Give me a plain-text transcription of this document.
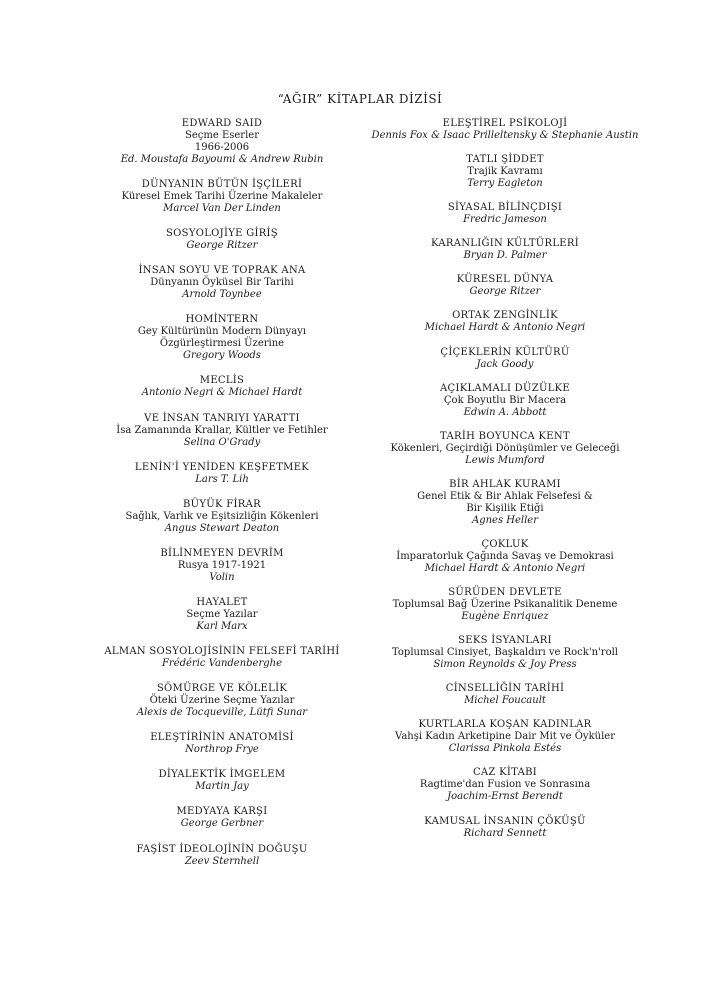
“AĞIR” KİTAPLAR DİZİSİ
EDWARD SAID
Seçme Eserler
1966-2006
Ed. Moustafa Bayoumi & Andrew Rubin
DÜNYANIN BÜTÜN İŞÇİLERİ
Küresel Emek Tarihi Üzerine Makaleler
Marcel Van Der Linden
SOSYOLOJİYE GİRİŞ
George Ritzer
İNSAN SOYU VE TOPRAK ANA
Dünyanın Öyküsel Bir Tarihi
Arnold Toynbee
HOMİNTERN
Gey Kültürünün Modern Dünyayı
Özgürleştirmesi Üzerine
Gregory Woods
MECLİS
Antonio Negri & Michael Hardt
VE İNSAN TANRIYI YARATTI
İsa Zamanında Krallar, Kültler ve Fetihler
Selina O'Grady
LENİN'İ YENİDEN KEŞFETMEK
Lars T. Lih
BÜYÜK FİRAR
Sağlık, Varlık ve Eşitsizliğin Kökenleri
Angus Stewart Deaton
BİLİNMEYEN DEVRİM
Rusya 1917-1921
Volin
HAYALET
Seçme Yazılar
Karl Marx
ALMAN SOSYOLOJİSİNİN FELSEFİ TARİHİ
Frédéric Vandenberghe
SÖMÜRGE VE KÖLELİK
Öteki Üzerine Seçme Yazılar
Alexis de Tocqueville, Lütfi Sunar
ELEŞTİRİNİN ANATOMİSİ
Northrop Frye
DİYALEKTİK İMGELEM
Martin Jay
MEDYAYA KARŞI
George Gerbner
FAŞİST İDEOLOJİNİN DOĞUŞU
Zeev Sternhell
ELEŞTİREL PSİKOLOJİ
Dennis Fox & Isaac Prilleltensky & Stephanie Austin
TATLI ŞİDDET
Trajik Kavramı
Terry Eagleton
SİYASAL BİLİNÇDIŞI
Fredric Jameson
KARANLIĞIN KÜLTÜRLERİ
Bryan D. Palmer
KÜRESEL DÜNYA
George Ritzer
ORTAK ZENGİNLİK
Michael Hardt & Antonio Negri
ÇİÇEKLERİN KÜLTÜRÜ
Jack Goody
AÇIKLAMALI DÜZÜLKE
Çok Boyutlu Bir Macera
Edwin A. Abbott
TARİH BOYUNCA KENT
Kökenleri, Geçirdiği Dönüşümler ve Geleceği
Lewis Mumford
BİR AHLAK KURAMI
Genel Etik & Bir Ahlak Felsefesi &
Bir Kişilik Etiği
Agnes Heller
ÇOKLUK
İmparatorluk Çağında Savaş ve Demokrasi
Michael Hardt & Antonio Negri
SÜRÜDEN DEVLETE
Toplumsal Bağ Üzerine Psikanalitik Deneme
Eugène Enriquez
SEKS İSYANLARI
Toplumsal Cinsiyet, Başkaldırı ve Rock'n'roll
Simon Reynolds & Joy Press
CİNSELLİĞİN TARİHİ
Michel Foucault
KURTLARLA KOŞAN KADINLAR
Vahşi Kadın Arketipine Dair Mit ve Öyküler
Clarissa Pinkola Estés
CAZ KİTABI
Ragtime'dan Fusion ve Sonrasına
Joachim-Ernst Berendt
KAMUSAL İNSANIN ÇÖKÜŞÜ
Richard Sennett
